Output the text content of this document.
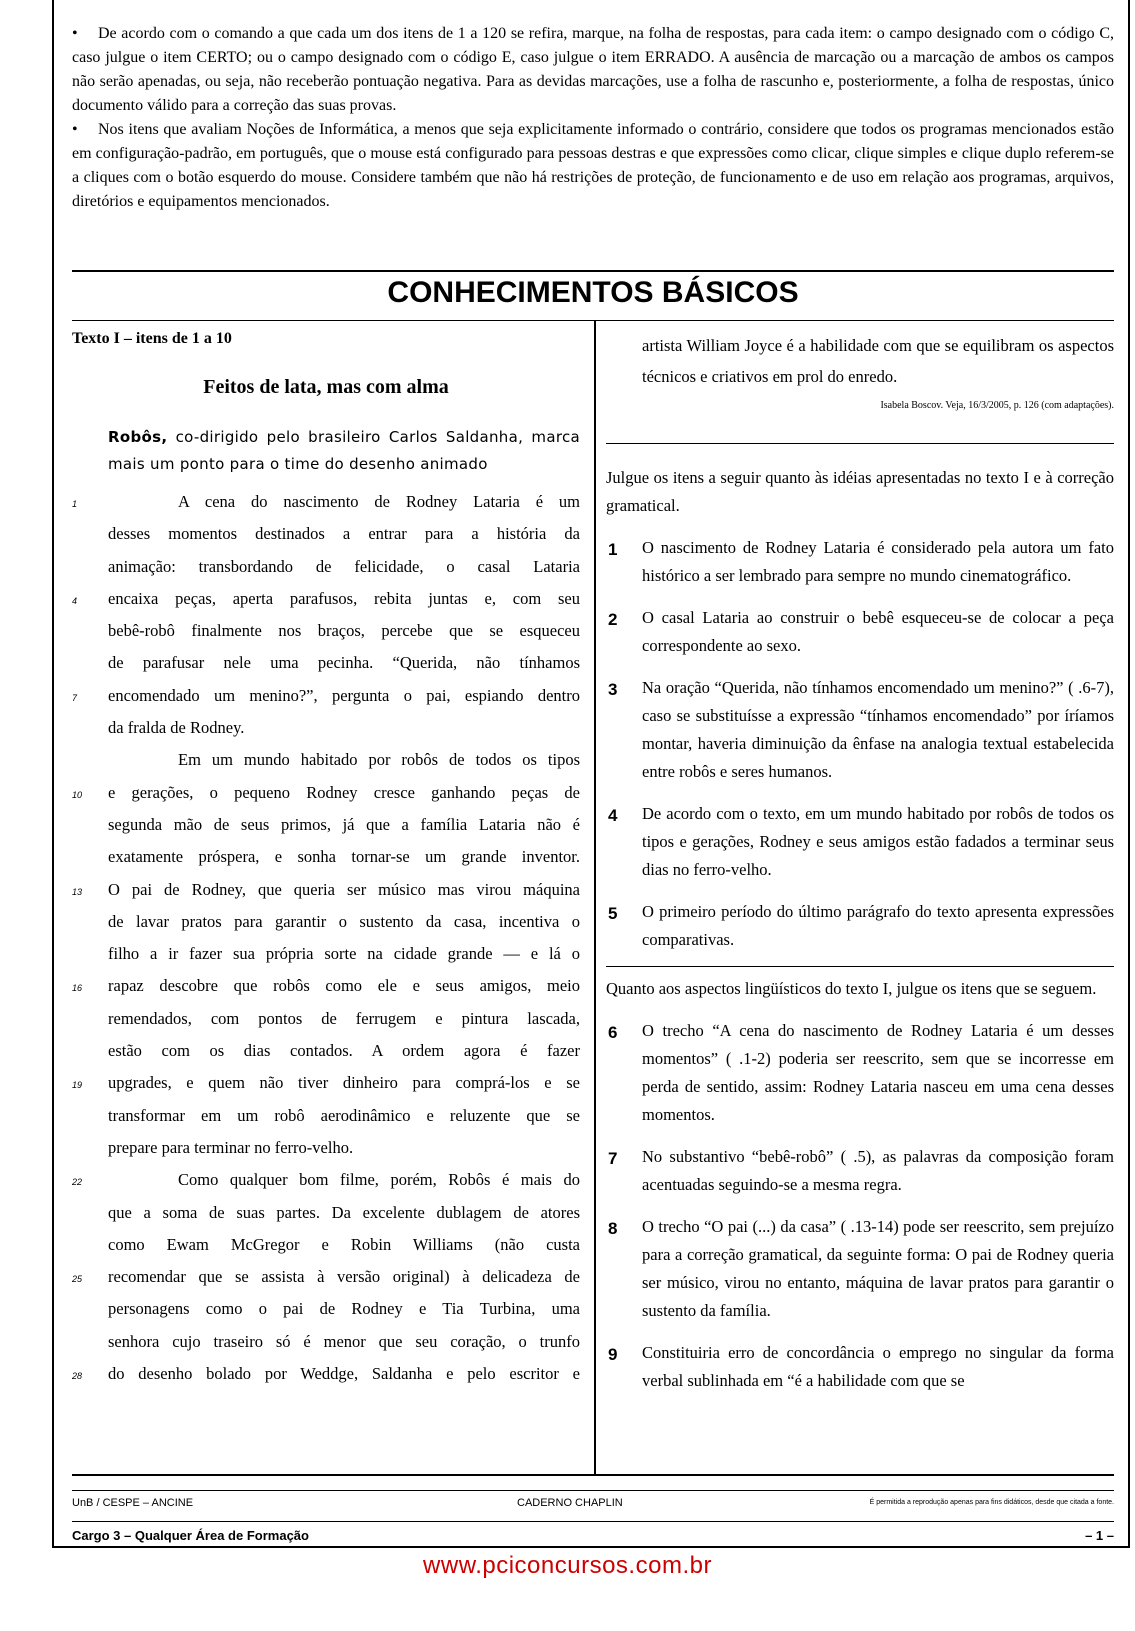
• De acordo com o comando a que cada um dos itens de 1 a 120 se refira, marque, na folha de respostas, para cada item: o campo designado com o código C, caso julgue o item CERTO; ou o campo designado com o código E, caso julgue o item ERRADO. A ausência de marcação ou a marcação de ambos os campos não serão apenadas, ou seja, não receberão pontuação negativa. Para as devidas marcações, use a folha de rascunho e, posteriormente, a folha de respostas, único documento válido para a correção das suas provas.

• Nos itens que avaliam Noções de Informática, a menos que seja explicitamente informado o contrário, considere que todos os programas mencionados estão em configuração-padrão, em português, que o mouse está configurado para pessoas destras e que expressões como clicar, clique simples e clique duplo referem-se a cliques com o botão esquerdo do mouse. Considere também que não há restrições de proteção, de funcionamento e de uso em relação aos programas, arquivos, diretórios e equipamentos mencionados.

CONHECIMENTOS BÁSICOS
Texto I – itens de 1 a 10
Feitos de lata, mas com alma
Robôs, co-dirigido pelo brasileiro Carlos Saldanha, marca mais um ponto para o time do desenho animado
1	A cena do nascimento de Rodney Lataria é um
desses momentos destinados a entrar para a história da
animação: transbordando de felicidade, o casal Lataria
4 encaixa peças, aperta parafusos, rebita juntas e, com seu
bebê-robô finalmente nos braços, percebe que se esqueceu
de parafusar nele uma pecinha. “Querida, não tínhamos
7 encomendado um menino?”, pergunta o pai, espiando dentro
da fralda de Rodney.
Em um mundo habitado por robôs de todos os tipos
10 e gerações, o pequeno Rodney cresce ganhando peças de
segunda mão de seus primos, já que a família Lataria não é
exatamente próspera, e sonha tornar-se um grande inventor.
13 O pai de Rodney, que queria ser músico mas virou máquina
de lavar pratos para garantir o sustento da casa, incentiva o
filho a ir fazer sua própria sorte na cidade grande — e lá o
16 rapaz descobre que robôs como ele e seus amigos, meio
remendados, com pontos de ferrugem e pintura lascada,
estão com os dias contados. A ordem agora é fazer
19 upgrades, e quem não tiver dinheiro para comprá-los e se
transformar em um robô aerodinâmico e reluzente que se
prepare para terminar no ferro-velho.
22	Como qualquer bom filme, porém, Robôs é mais do
que a soma de suas partes. Da excelente dublagem de atores
como Ewam McGregor e Robin Williams (não custa
25 recomendar que se assista à versão original) à delicadeza de
personagens como o pai de Rodney e Tia Turbina, uma
senhora cujo traseiro só é menor que seu coração, o trunfo
28 do desenho bolado por Weddge, Saldanha e pelo escritor e

artista William Joyce é a habilidade com que se equilibram os aspectos técnicos e criativos em prol do enredo.

Isabela Boscov. Veja, 16/3/2005, p. 126 (com adaptações).

Julgue os itens a seguir quanto às idéias apresentadas no texto I e à correção gramatical.

1 O nascimento de Rodney Lataria é considerado pela autora um fato histórico a ser lembrado para sempre no mundo cinematográfico.
2 O casal Lataria ao construir o bebê esqueceu-se de colocar a peça correspondente ao sexo.
3 Na oração “Querida, não tínhamos encomendado um menino?” ( .6-7), caso se substituísse a expressão “tínhamos encomendado” por íríamos montar, haveria diminuição da ênfase na analogia textual estabelecida entre robôs e seres humanos.
4 De acordo com o texto, em um mundo habitado por robôs de todos os tipos e gerações, Rodney e seus amigos estão fadados a terminar seus dias no ferro-velho.
5 O primeiro período do último parágrafo do texto apresenta expressões comparativas.

Quanto aos aspectos lingüísticos do texto I, julgue os itens que se seguem.

6 O trecho “A cena do nascimento de Rodney Lataria é um desses momentos” ( .1-2) poderia ser reescrito, sem que se incorresse em perda de sentido, assim: Rodney Lataria nasceu em uma cena desses momentos.
7 No substantivo “bebê-robô” ( .5), as palavras da composição foram acentuadas seguindo-se a mesma regra.
8 O trecho “O pai (...) da casa” ( .13-14) pode ser reescrito, sem prejuízo para a correção gramatical, da seguinte forma: O pai de Rodney queria ser músico, virou no entanto, máquina de lavar pratos para garantir o sustento da família.
9 Constituiria erro de concordância o emprego no singular da forma verbal sublinhada em “é a habilidade com que se
UnB / CESPE – ANCINE	CADERNO CHAPLIN	É permitida a reprodução apenas para fins didáticos, desde que citada a fonte.
Cargo 3 – Qualquer Área de Formação	– 1 –
www.pciconcursos.com.br
